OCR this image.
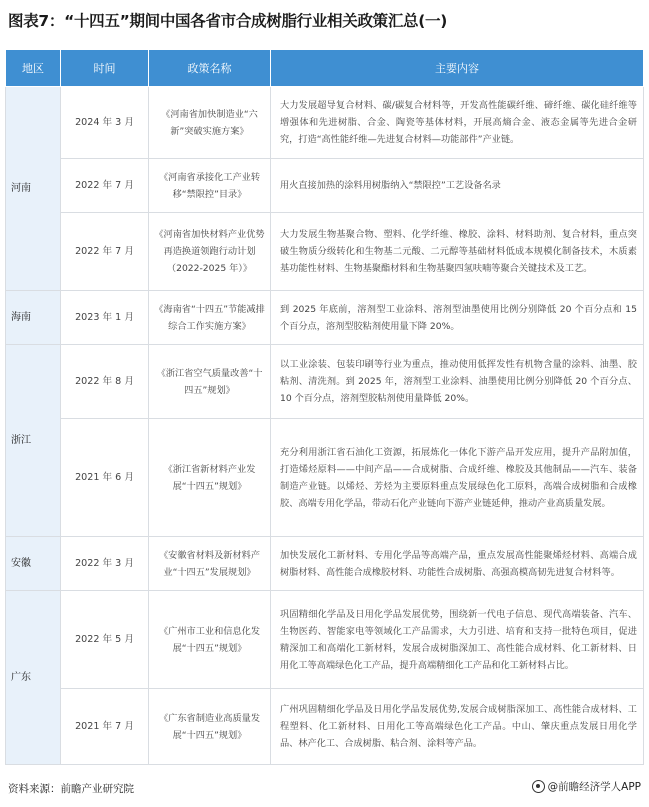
图表7：“十四五”期间中国各省市合成树脂行业相关政策汇总(一)
地区	时间	政策名称	主要内容
河南	2024 年 3 月	《河南省加快制造业“六新”突破实施方案》	大力发展超导复合材料、碳/碳复合材料等，开发高性能碳纤维、碲纤维、碳化硅纤维等增强体和先进树脂、合金、陶瓷等基体材料，开展高熵合金、液态金属等先进合金研究，打造“高性能纤维—先进复合材料—功能部件”产业链。
	2022 年 7 月	《河南省承接化工产业转移“禁限控”目录》	用火直接加热的涂料用树脂纳入“禁限控”工艺设备名录
	2022 年 7 月	《河南省加快材料产业优势再造换道领跑行动计划（2022-2025 年）》	大力发展生物基聚合物、塑料、化学纤维、橡胶、涂料、材料助剂、复合材料，重点突破生物质分级转化和生物基二元酸、二元醇等基础材料低成本规模化制备技术，木质素基功能性材料、生物基聚酯材料和生物基聚四氢呋喃等聚合关键技术及工艺。
海南	2023 年 1 月	《海南省“十四五”节能减排综合工作实施方案》	到 2025 年底前，溶剂型工业涂料、溶剂型油墨使用比例分别降低 20 个百分点和 15 个百分点，溶剂型胶粘剂使用量下降 20%。
浙江	2022 年 8 月	《浙江省空气质量改善“十四五”规划》	以工业涂装、包装印刷等行业为重点，推动使用低挥发性有机物含量的涂料、油墨、胶粘剂、清洗剂。到 2025 年，溶剂型工业涂料、油墨使用比例分别降低 20 个百分点、10 个百分点，溶剂型胶粘剂使用量降低 20%。
	2021 年 6 月	《浙江省新材料产业发展“十四五”规划》	充分利用浙江省石油化工资源，拓展炼化一体化下游产品开发应用，提升产品附加值，打造烯烃原料——中间产品——合成树脂、合成纤维、橡胶及其他制品——汽车、装备制造产业链。以烯烃、芳烃为主要原料重点发展绿色化工原料，高端合成树脂和合成橡胶、高端专用化学品，带动石化产业链向下游产业链延伸，推动产业高质量发展。
安徽	2022 年 3 月	《安徽省材料及新材料产业“十四五”发展规划》	加快发展化工新材料、专用化学品等高端产品，重点发展高性能聚烯烃材料、高端合成树脂材料、高性能合成橡胶材料、功能性合成树脂、高强高模高韧先进复合材料等。
广东	2022 年 5 月	《广州市工业和信息化发展“十四五”规划》	巩固精细化学品及日用化学品发展优势，围绕新一代电子信息、现代高端装备、汽车、生物医药、智能家电等领域化工产品需求，大力引进、培育和支持一批特色项目，促进精深加工和高端化工新材料，发展合成树脂深加工、高性能合成材料、化工新材料、日用化工等高端绿色化工产品，提升高端精细化工产品和化工新材料占比。
	2021 年 7 月	《广东省制造业高质量发展“十四五”规划》	广州巩固精细化学品及日用化学品发展优势,发展合成树脂深加工、高性能合成材料、工程塑料、化工新材料、日用化工等高端绿色化工产品。中山、肇庆重点发展日用化学品、林产化工、合成树脂、粘合剂、涂料等产品。
资料来源：前瞻产业研究院	@前瞻经济学人APP
